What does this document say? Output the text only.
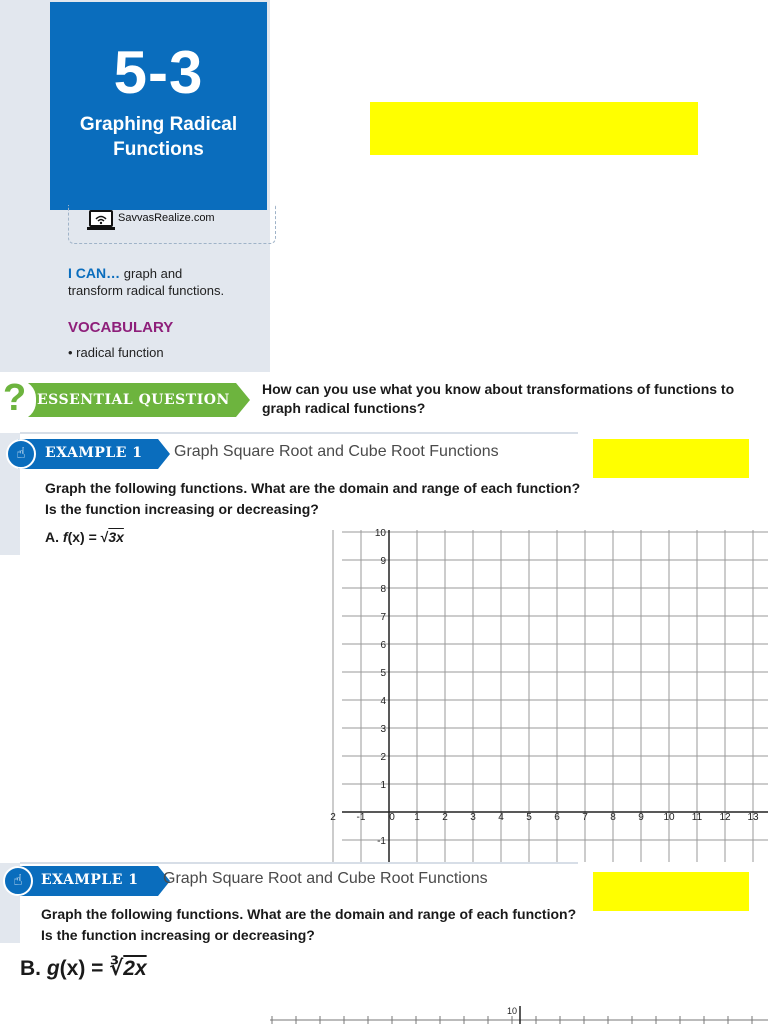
5-3
Graphing Radical
Functions
SavvasRealize.com
I CAN… graph and
transform radical functions.
VOCABULARY
• radical function
? ESSENTIAL QUESTION
How can you use what you know about transformations of functions to graph radical functions?
☝	EXAMPLE 1 Graph Square Root and Cube Root Functions
Graph the following functions. What are the domain and range of each function? Is the function increasing or decreasing?
A. f(x) = √3x	10
9
8
7
6
5
4
3
2
1
-1
2 -1 0 1 2 3 4 5 6 7 8 9 10 11 12 13
☝	EXAMPLE 1 Graph Square Root and Cube Root Functions
Graph the following functions. What are the domain and range of each function? Is the function increasing or decreasing?
B. g(x) = ∛2x
10
